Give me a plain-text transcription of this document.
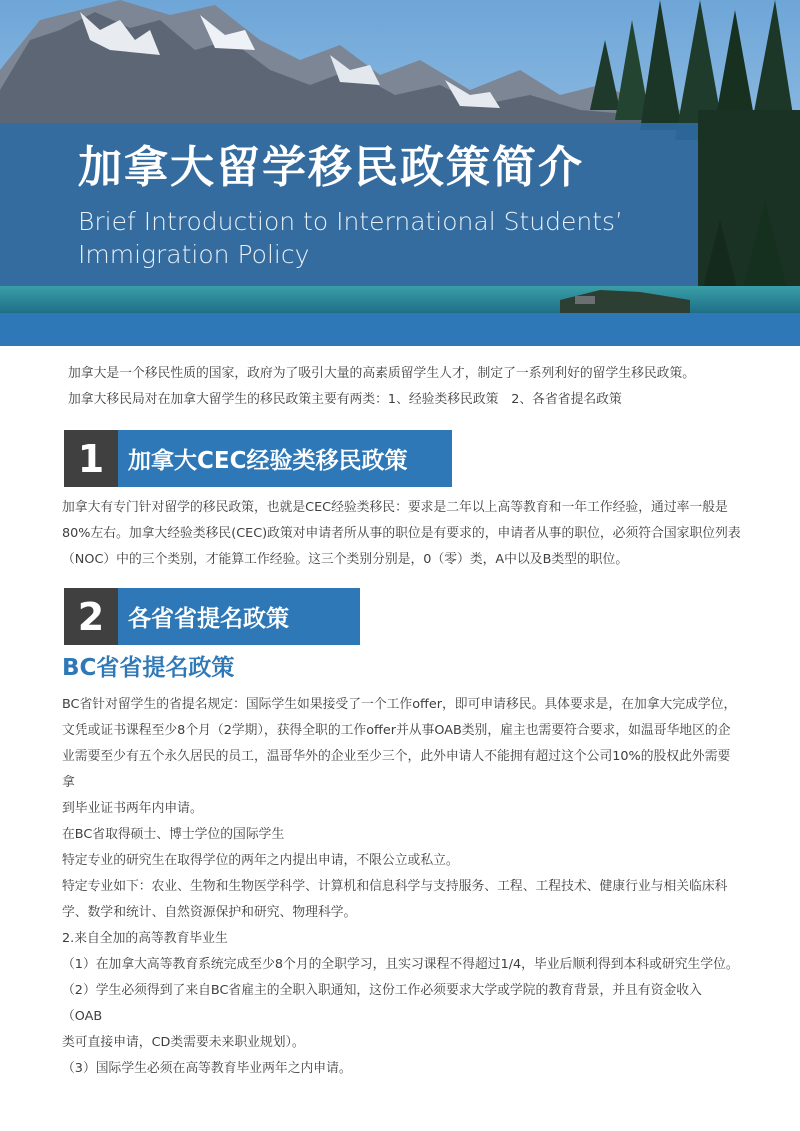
加拿大留学移民政策简介
Brief Introduction to International Students’
Immigration Policy

加拿大是一个移民性质的国家，政府为了吸引大量的高素质留学生人才，制定了一系列利好的留学生移民政策。

加拿大移民局对在加拿大留学生的移民政策主要有两类：1、经验类移民政策　2、各省省提名政策

1	加拿大CEC经验类移民政策

加拿大有专门针对留学的移民政策，也就是CEC经验类移民：要求是二年以上高等教育和一年工作经验，通过率一般是

80%左右。加拿大经验类移民(CEC)政策对申请者所从事的职位是有要求的，申请者从事的职位，必须符合国家职位列表

（NOC）中的三个类别，才能算工作经验。这三个类别分别是，0（零）类，A中以及B类型的职位。

2	各省省提名政策
BC省省提名政策

BC省针对留学生的省提名规定：国际学生如果接受了一个工作offer，即可申请移民。具体要求是，在加拿大完成学位，

文凭或证书课程至少8个月（2学期），获得全职的工作offer并从事OAB类别，雇主也需要符合要求，如温哥华地区的企

业需要至少有五个永久居民的员工，温哥华外的企业至少三个，此外申请人不能拥有超过这个公司10%的股权此外需要拿

到毕业证书两年内申请。

在BC省取得硕士、博士学位的国际学生

特定专业的研究生在取得学位的两年之内提出申请，不限公立或私立。

特定专业如下：农业、生物和生物医学科学、计算机和信息科学与支持服务、工程、工程技术、健康行业与相关临床科

学、数学和统计、自然资源保护和研究、物理科学。

2.来自全加的高等教育毕业生

（1）在加拿大高等教育系统完成至少8个月的全职学习，且实习课程不得超过1/4，毕业后顺利得到本科或研究生学位。

（2）学生必须得到了来自BC省雇主的全职入职通知，这份工作必须要求大学或学院的教育背景，并且有资金收入（OAB

类可直接申请，CD类需要未来职业规划）。

（3）国际学生必须在高等教育毕业两年之内申请。
